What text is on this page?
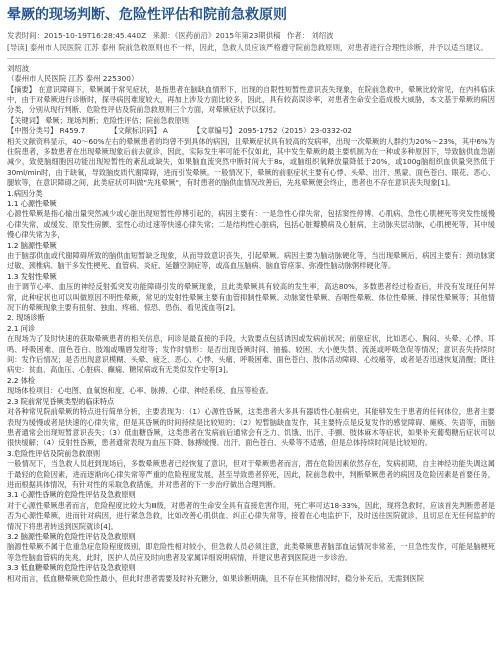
晕厥的现场判断、危险性评估和院前急救原则
发表时间：2015-10-19T16:28:45.440Z 来源：《医药前沿》2015年第23期供稿 作者： 刘绍波
[导读] 泰州市人民医院 江苏 泰州 院前急救原则也不一样，因此，急救人员应该严格遵守院前急救原则，对患者进行合理性诊断，并予以适当建议。
刘绍波
（泰州市人民医院 江苏 泰州 225300）

【摘要】 在意识障碍下，晕厥属于常见症状，是指患者在脑缺血情形下，出现的自限性短暂性意识丧失现象，在院前急救中，晕厥比较常见，在内科临床中，由于对晕厥进行诊断时，探寻病因难度较大，再加上涉及方面比较多，因此，具有较高误诊率，对患者生命安全造成极大威胁，本文基于晕厥的病因分类，分别从现行判断、危险性评估及院前急救原则三个方面，对晕厥症状予以探讨。

【关键词】 晕厥；现场判断；危险性评估；院前急救原则

【中图分类号】 R459.7　　　　【文献标识码】 A　　　　【文章编号】 2095-1752（2015）23-0332-02

相关文献资料显示，40～60%左右的晕厥患者的均曾不到具体的病因，且晕厥症状具有较高的发病率，出现一次晕厥的人群约为20%～23%，其中6%为住院患者，多数患者在出现晕厥现象后前去就诊，因此，实际发生率可能不仅如此，其中发生晕厥的最主要机制为在一种或多种原因下，导致脑供血急剧减少，致使脑细胞因功能出现短暂性的紊乱或缺失，如果脑血流突然中断时间大于8s，或脑组织氧释放量降低于20%，或100g脑组织血供量突然低于30ml/min时，由于缺氧，导致脑皮质代谢障碍，进而引发晕厥。一般情况下，晕厥的前驱症状主要有心悸、头晕、出汗、黑蒙、面色苍白、眼花、恶心、腿软等，在意识障碍之间，此类症状可叫做"先兆晕厥"，有时患者的脑供血情况改善后，先兆晕厥便会终止，患者也不存在意识丧失现象[1]。

1.病因分类

1.1 心源性晕厥

心源性晕厥是指心输出量突然减少或心脏出现短暂性停博引起的，病因主要有：一是急性心律失常，包括窦性停博、心肌病、急性心肌梗死等突发性缓慢心律失常，或缓发、原发性房颤、室性心动过速等快速心律失常；二是结构性心脏病，包括心脏瓣膜病及心脏病，主动脉夹层动脉，心肌梗死等，其中缓慢心律失常为多，

1.2 脑源性晕厥

由于脑部供血或代谢障碍所致的脑供血短暂缺乏现象，从而导致意识丧失，引起晕厥。病因主要为脑动脉硬化等，当出现晕厥后，病因主要有：颈动脉窦过敏、颈椎病、脑干多发性梗死、血管病、炎症、延髓空洞症等，或高血压脑病、脑血管痉挛、弥漫性脑动脉粥样硬化等。

1.3 发射性晕厥

由于调节心率、血压的神经反射弧突发功能障碍引发的晕厥现象，且此类晕厥具有较高的发生率，高达80%，多数患者经过检查后，并没有发现任何异常，此种症状也可以叫做原因不明性晕厥，常见的发射性晕厥主要有血管抑制性晕厥、动脉窦性晕厥、吞咽性晕厥、体位性晕厥、排尿性晕厥等；其他情况下的晕厥现象主要有扭射、独血、疼痛、惊恐、恐伤、看见流血等[2]。

2. 现场诊断

2.1 问诊

在现场为了及时快速的获取晕厥患者的相关信息，问诊是最直接的手段，大致要点包括诱因或发病前状况；前驱症状，比如恶心、胸闷、头晕、心悸、耳鸣、呼吸困难、面色苍白、肢端或嘴唇发绀等；发作时情形：是否出现昏厥时间、抽搐、较困、大小便失禁、流涎或呼吸急促等情况；意识丧失持续时间：发作后情况；是否出现意识模糊、头晕、疲乏、恶心、心悸、头痛、呼吸困难、面色苍白、肢体活动障碍、心绞痛等，或者是否迅速恢复清醒；既往病史：贫血、高血压、心脏病、癫痫、糖尿病或有无类似发作史等[3]。

2.2 体检

现场体检项目：心电图、血氧饱和度、心率、脉搏、心律、神经系统、血压等检查。

2.3 院前常见昏厥类型的临床特点

对各种常见院前晕厥的特点进行简单分析，主要表现为：（1）心源性昏厥，这类患者大多具有器质性心脏病史，其能够发生于患者的任何体位，患者主要表现为缓慢或者是快速的心律失常，但是其昏厥的时间持续是比较短的；（2）短暂脑缺血发作，其主要特点是反复发作的感觉障碍、瘫痪、失语等，而脑患者通常会出现短暂意识丧失；（3）低血糖昏厥，这类患者在发病前后通常会有乏力、饥饿、出汗、手颤、肢体麻木等症状，如果补充葡萄糖后症状可以很快缓解；（4）反射性昏厥，患者通常表现为血压下降、脉搏缓慢、出汗、面色苍白、头晕等不适感，但是总体持续时间是比较短的。

3.危险性评估及院前急救原则

一般情况下，当急救人员赶到现场后，多数晕厥患者已经恢复了意识，但对于晕厥患者而言，潜在危险因素依然存在，发病初期，自主神经功能失调这属于最轻的危险因素，进而逐渐向心律失常等严重的危险程度发展，甚至导致患者猝死，因此，院前急救中，判断晕厥患者的病因及危险因素是首要任务，进而根据具体情况，有针对性的采取急救措施，并对患者的下一步治疗做出合理判断。

3.1 心源性昏厥的危险性评估及急救原则

对于心源性晕厥患者而言，危险程度比较大为Ⅲ级，对患者的生命安全具有直接危害作用，死亡率可达18-33%，因此，现将急救时，应该首先判断患者是否为心源性晕厥，进而针对病因，进行紧急急救，比如改善心肌供血、纠正心律失常等，接着在心电监护下，及时送往医院就诊，且切忌在无任何监护的情况下将患者转送到医院就诊[4]。

3.2 脑源性晕厥的危险性评估及急救原则

脑源性晕厥不属于危重急症危险程度级别，即危险性相对较小，但急救人员必须注意，此类晕厥患者脑部血运情况非常差，一旦急性发作，可能是脑梗死等急性脑血管病的先兆，此时，医护人员应及时向患者及家属详细说明病情，并建议患者到医院进一步诊治。

3.3 低血糖晕厥的危险性评估及急救原则

相对而言，低血糖晕厥危险性最小，但此时患者需要及时补充糖分，如果诊断明确，且不存在其他情况时，稳分补充后，无需到医院
